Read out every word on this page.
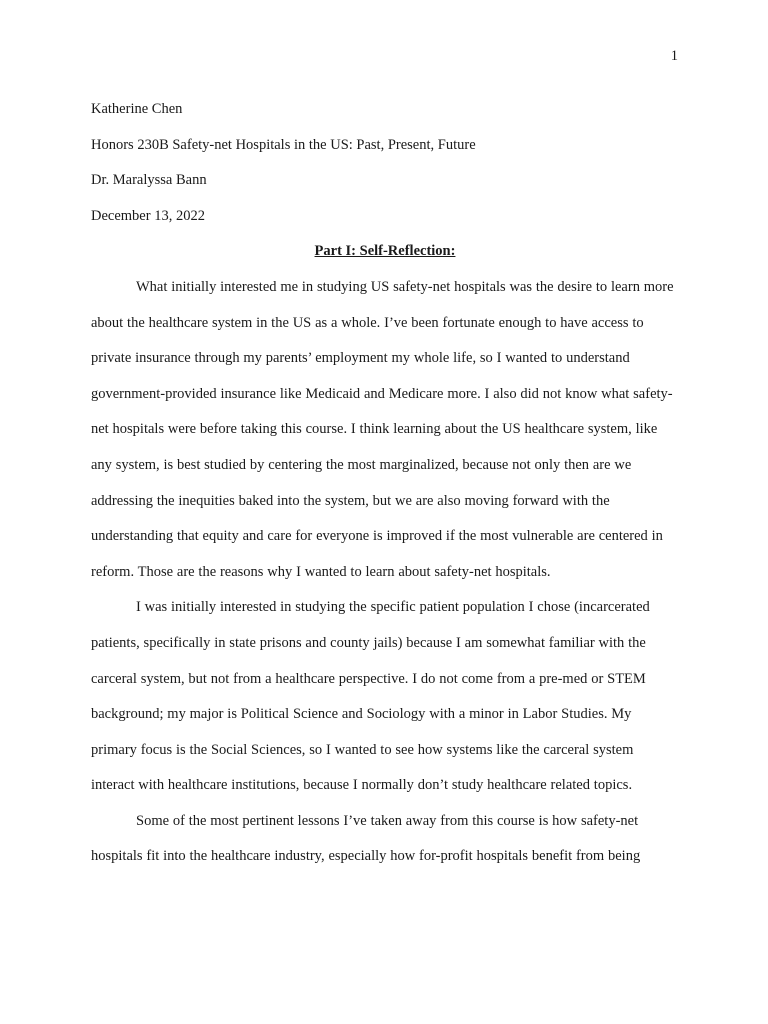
1

Katherine Chen

Honors 230B Safety-net Hospitals in the US: Past, Present, Future

Dr. Maralyssa Bann

December 13, 2022

Part I: Self-Reflection:

What initially interested me in studying US safety-net hospitals was the desire to learn more about the healthcare system in the US as a whole. I’ve been fortunate enough to have access to private insurance through my parents’ employment my whole life, so I wanted to understand government-provided insurance like Medicaid and Medicare more. I also did not know what safety-net hospitals were before taking this course. I think learning about the US healthcare system, like any system, is best studied by centering the most marginalized, because not only then are we addressing the inequities baked into the system, but we are also moving forward with the understanding that equity and care for everyone is improved if the most vulnerable are centered in reform. Those are the reasons why I wanted to learn about safety-net hospitals.

I was initially interested in studying the specific patient population I chose (incarcerated patients, specifically in state prisons and county jails) because I am somewhat familiar with the carceral system, but not from a healthcare perspective. I do not come from a pre-med or STEM background; my major is Political Science and Sociology with a minor in Labor Studies. My primary focus is the Social Sciences, so I wanted to see how systems like the carceral system interact with healthcare institutions, because I normally don’t study healthcare related topics.

Some of the most pertinent lessons I’ve taken away from this course is how safety-net hospitals fit into the healthcare industry, especially how for-profit hospitals benefit from being
